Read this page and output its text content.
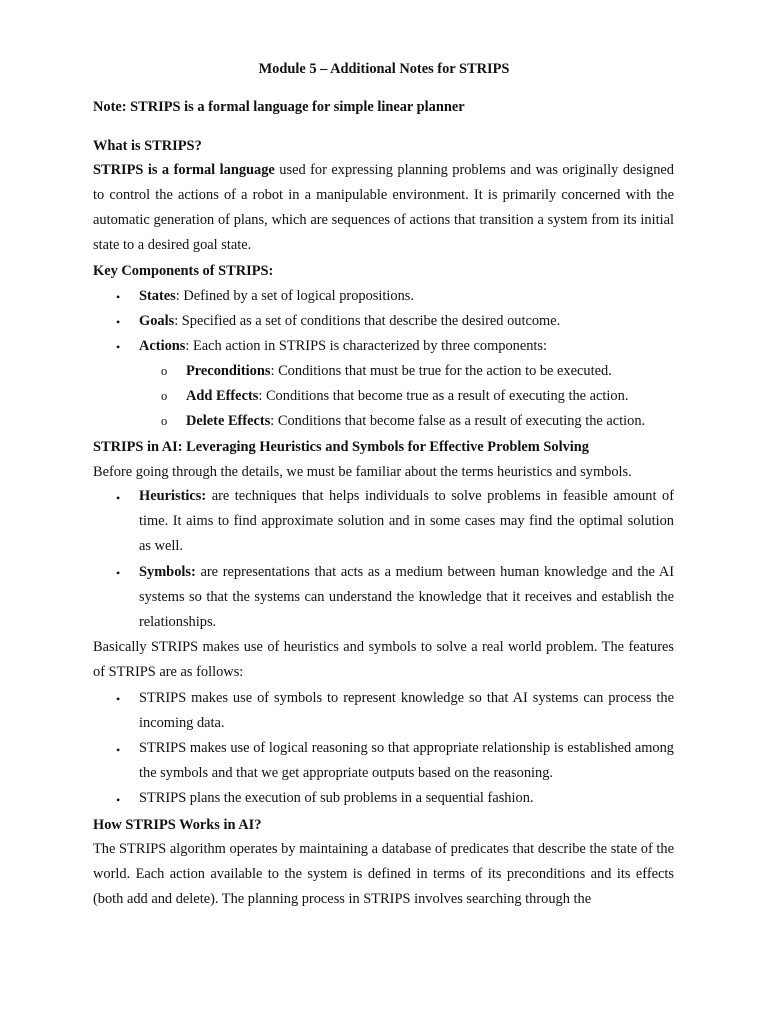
Module 5 – Additional Notes for STRIPS
Note: STRIPS is a formal language for simple linear planner
What is STRIPS?
STRIPS is a formal language used for expressing planning problems and was originally designed to control the actions of a robot in a manipulable environment. It is primarily concerned with the automatic generation of plans, which are sequences of actions that transition a system from its initial state to a desired goal state.
Key Components of STRIPS:
• States: Defined by a set of logical propositions.
• Goals: Specified as a set of conditions that describe the desired outcome.
• Actions: Each action in STRIPS is characterized by three components:
o Preconditions: Conditions that must be true for the action to be executed.
o Add Effects: Conditions that become true as a result of executing the action.
o Delete Effects: Conditions that become false as a result of executing the action.
STRIPS in AI: Leveraging Heuristics and Symbols for Effective Problem Solving
Before going through the details, we must be familiar about the terms heuristics and symbols.
• Heuristics: are techniques that helps individuals to solve problems in feasible amount of time. It aims to find approximate solution and in some cases may find the optimal solution as well.
• Symbols: are representations that acts as a medium between human knowledge and the AI systems so that the systems can understand the knowledge that it receives and establish the relationships.
Basically STRIPS makes use of heuristics and symbols to solve a real world problem. The features of STRIPS are as follows:
• STRIPS makes use of symbols to represent knowledge so that AI systems can process the incoming data.
• STRIPS makes use of logical reasoning so that appropriate relationship is established among the symbols and that we get appropriate outputs based on the reasoning.
• STRIPS plans the execution of sub problems in a sequential fashion.
How STRIPS Works in AI?
The STRIPS algorithm operates by maintaining a database of predicates that describe the state of the world. Each action available to the system is defined in terms of its preconditions and its effects (both add and delete). The planning process in STRIPS involves searching through the
